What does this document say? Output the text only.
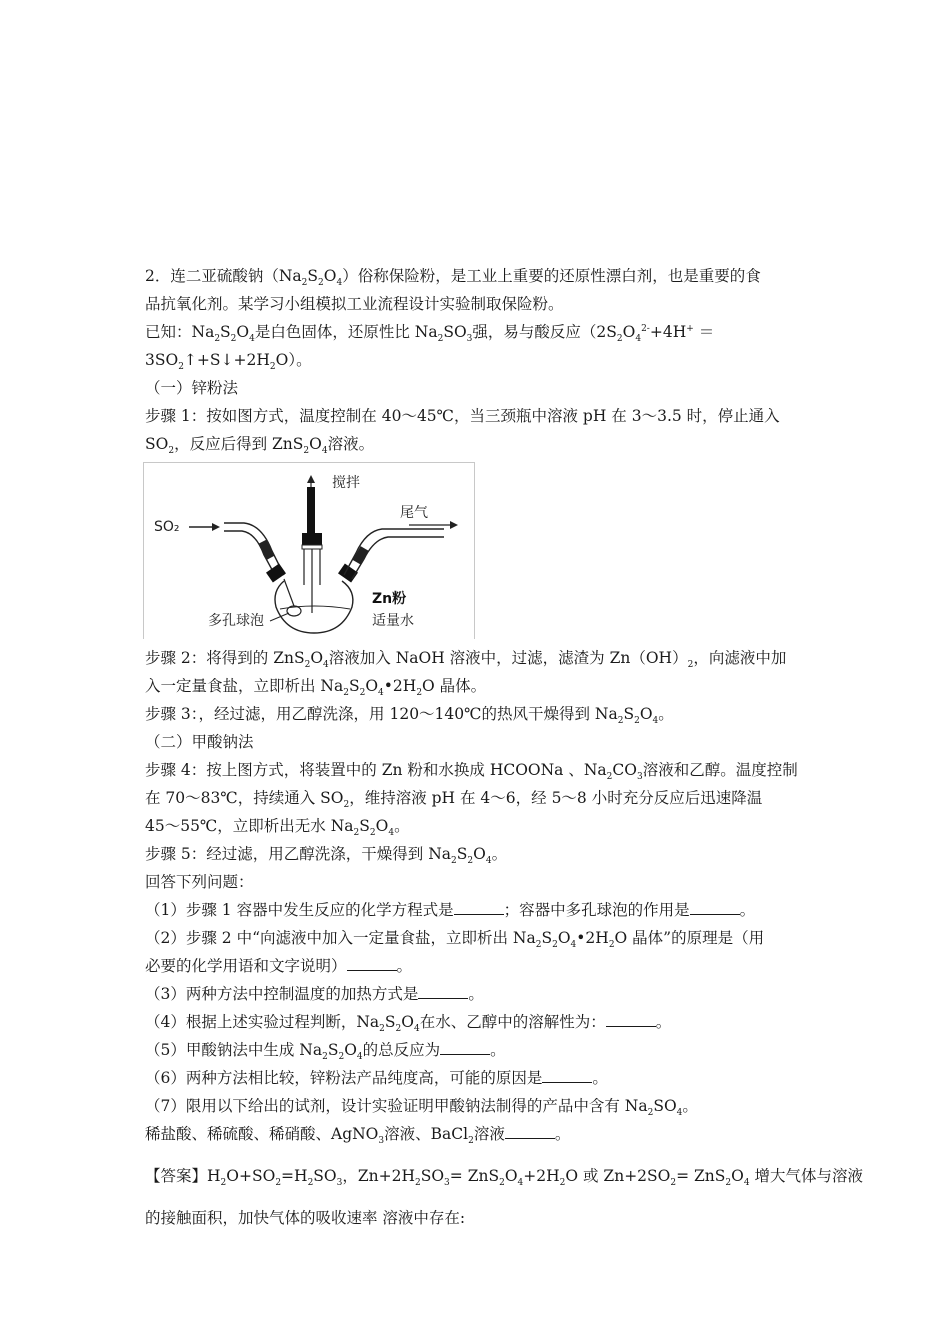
2．连二亚硫酸钠$(Na_2S_2O_4)$俗称保险粉，是工业上重要的还原性漂白剂，也是重要的食
品抗氧化剂。某学习小组模拟工业流程设计实验制取保险粉。
已知：$Na_2S_2O_4$是白色固体，还原性比 $Na_2SO_3$强，易与酸反应（$2S_2O_4^{2-}+4H^+$ ＝
$3SO_2↑+S↓+2H_2O$）。
（一）锌粉法
步骤 1：按如图方式，温度控制在 40～45℃，当三颈瓶中溶液 pH 在 3～3.5 时，停止通入
$SO_2$，反应后得到 $ZnS_2O_4$溶液。
SO₂
搅拌
尾气
多孔球泡
Zn粉
适量水
步骤 2：将得到的 $ZnS_2O_4$溶液加入 NaOH 溶液中，过滤，滤渣为 $Zn(OH)_2$，向滤液中加
入一定量食盐，立即析出 $Na_2S_2O_4•2H_2O$ 晶体。
步骤 3：，经过滤，用乙醇洗涤，用 120～140℃的热风干燥得到 $Na_2S_2O_4$。
（二）甲酸钠法
步骤 4：按上图方式，将装置中的 Zn 粉和水换成 HCOONa 、$Na_2CO_3$溶液和乙醇。温度控制
在 70～83℃，持续通入 $SO_2$，维持溶液 pH 在 4～6，经 5～8 小时充分反应后迅速降温
45～55℃，立即析出无水 $Na_2S_2O_4$。
步骤 5：经过滤，用乙醇洗涤，干燥得到 $Na_2S_2O_4$。
回答下列问题：
（1）步骤 1 容器中发生反应的化学方程式是	；容器中多孔球泡的作用是	。
（2）步骤 2 中“向滤液中加入一定量食盐，立即析出 $Na_2S_2O_4•2H_2O$ 晶体”的原理是（用
必要的化学用语和文字说明）	。
（3）两种方法中控制温度的加热方式是	。
（4）根据上述实验过程判断，$Na_2S_2O_4$在水、乙醇中的溶解性为：	。
（5）甲酸钠法中生成 $Na_2S_2O_4$的总反应为	。
（6）两种方法相比较，锌粉法产品纯度高，可能的原因是	。
（7）限用以下给出的试剂，设计实验证明甲酸钠法制得的产品中含有 $Na_2SO_4$。
稀盐酸、稀硫酸、稀硝酸、AgNO$_3$溶液、BaCl$_2$溶液	。
【答案】$H_2O+SO_2=H_2SO_3$，$Zn+2H_2SO_3= ZnS_2O_4+2H_2O$ 或 $Zn+2SO_2= ZnS_2O_4$ 增大气体与溶液
的接触面积，加快气体的吸收速率 溶液中存在:
